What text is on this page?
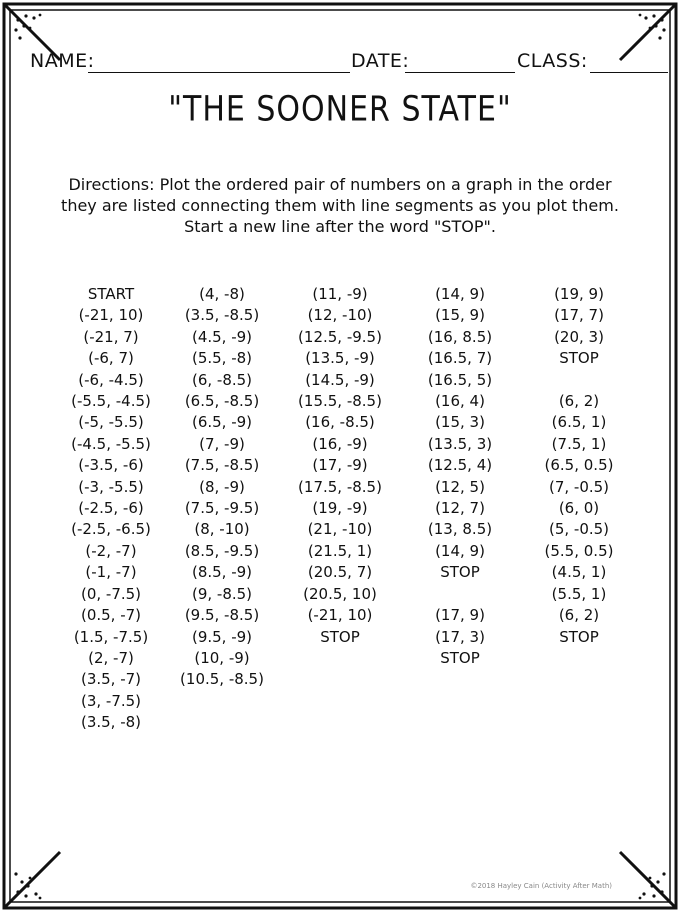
NAME:	DATE:	CLASS:
"THE SOONER STATE"
Directions: Plot the ordered pair of numbers on a graph in the order
they are listed connecting them with line segments as you plot them.
Start a new line after the word "STOP".
START
(-21, 10)
(-21, 7)
(-6, 7)
(-6, -4.5)
(-5.5, -4.5)
(-5, -5.5)
(-4.5, -5.5)
(-3.5, -6)
(-3, -5.5)
(-2.5, -6)
(-2.5, -6.5)
(-2, -7)
(-1, -7)
(0, -7.5)
(0.5, -7)
(1.5, -7.5)
(2, -7)
(3.5, -7)
(3, -7.5)
(3.5, -8)
(4, -8)
(3.5, -8.5)
(4.5, -9)
(5.5, -8)
(6, -8.5)
(6.5, -8.5)
(6.5, -9)
(7, -9)
(7.5, -8.5)
(8, -9)
(7.5, -9.5)
(8, -10)
(8.5, -9.5)
(8.5, -9)
(9, -8.5)
(9.5, -8.5)
(9.5, -9)
(10, -9)
(10.5, -8.5)
(11, -9)
(12, -10)
(12.5, -9.5)
(13.5, -9)
(14.5, -9)
(15.5, -8.5)
(16, -8.5)
(16, -9)
(17, -9)
(17.5, -8.5)
(19, -9)
(21, -10)
(21.5, 1)
(20.5, 7)
(20.5, 10)
(-21, 10)
STOP
(14, 9)
(15, 9)
(16, 8.5)
(16.5, 7)
(16.5, 5)
(16, 4)
(15, 3)
(13.5, 3)
(12.5, 4)
(12, 5)
(12, 7)
(13, 8.5)
(14, 9)
STOP

(17, 9)
(17, 3)
STOP
(19, 9)
(17, 7)
(20, 3)
STOP

(6, 2)
(6.5, 1)
(7.5, 1)
(6.5, 0.5)
(7, -0.5)
(6, 0)
(5, -0.5)
(5.5, 0.5)
(4.5, 1)
(5.5, 1)
(6, 2)
STOP
©2018 Hayley Cain (Activity After Math)
